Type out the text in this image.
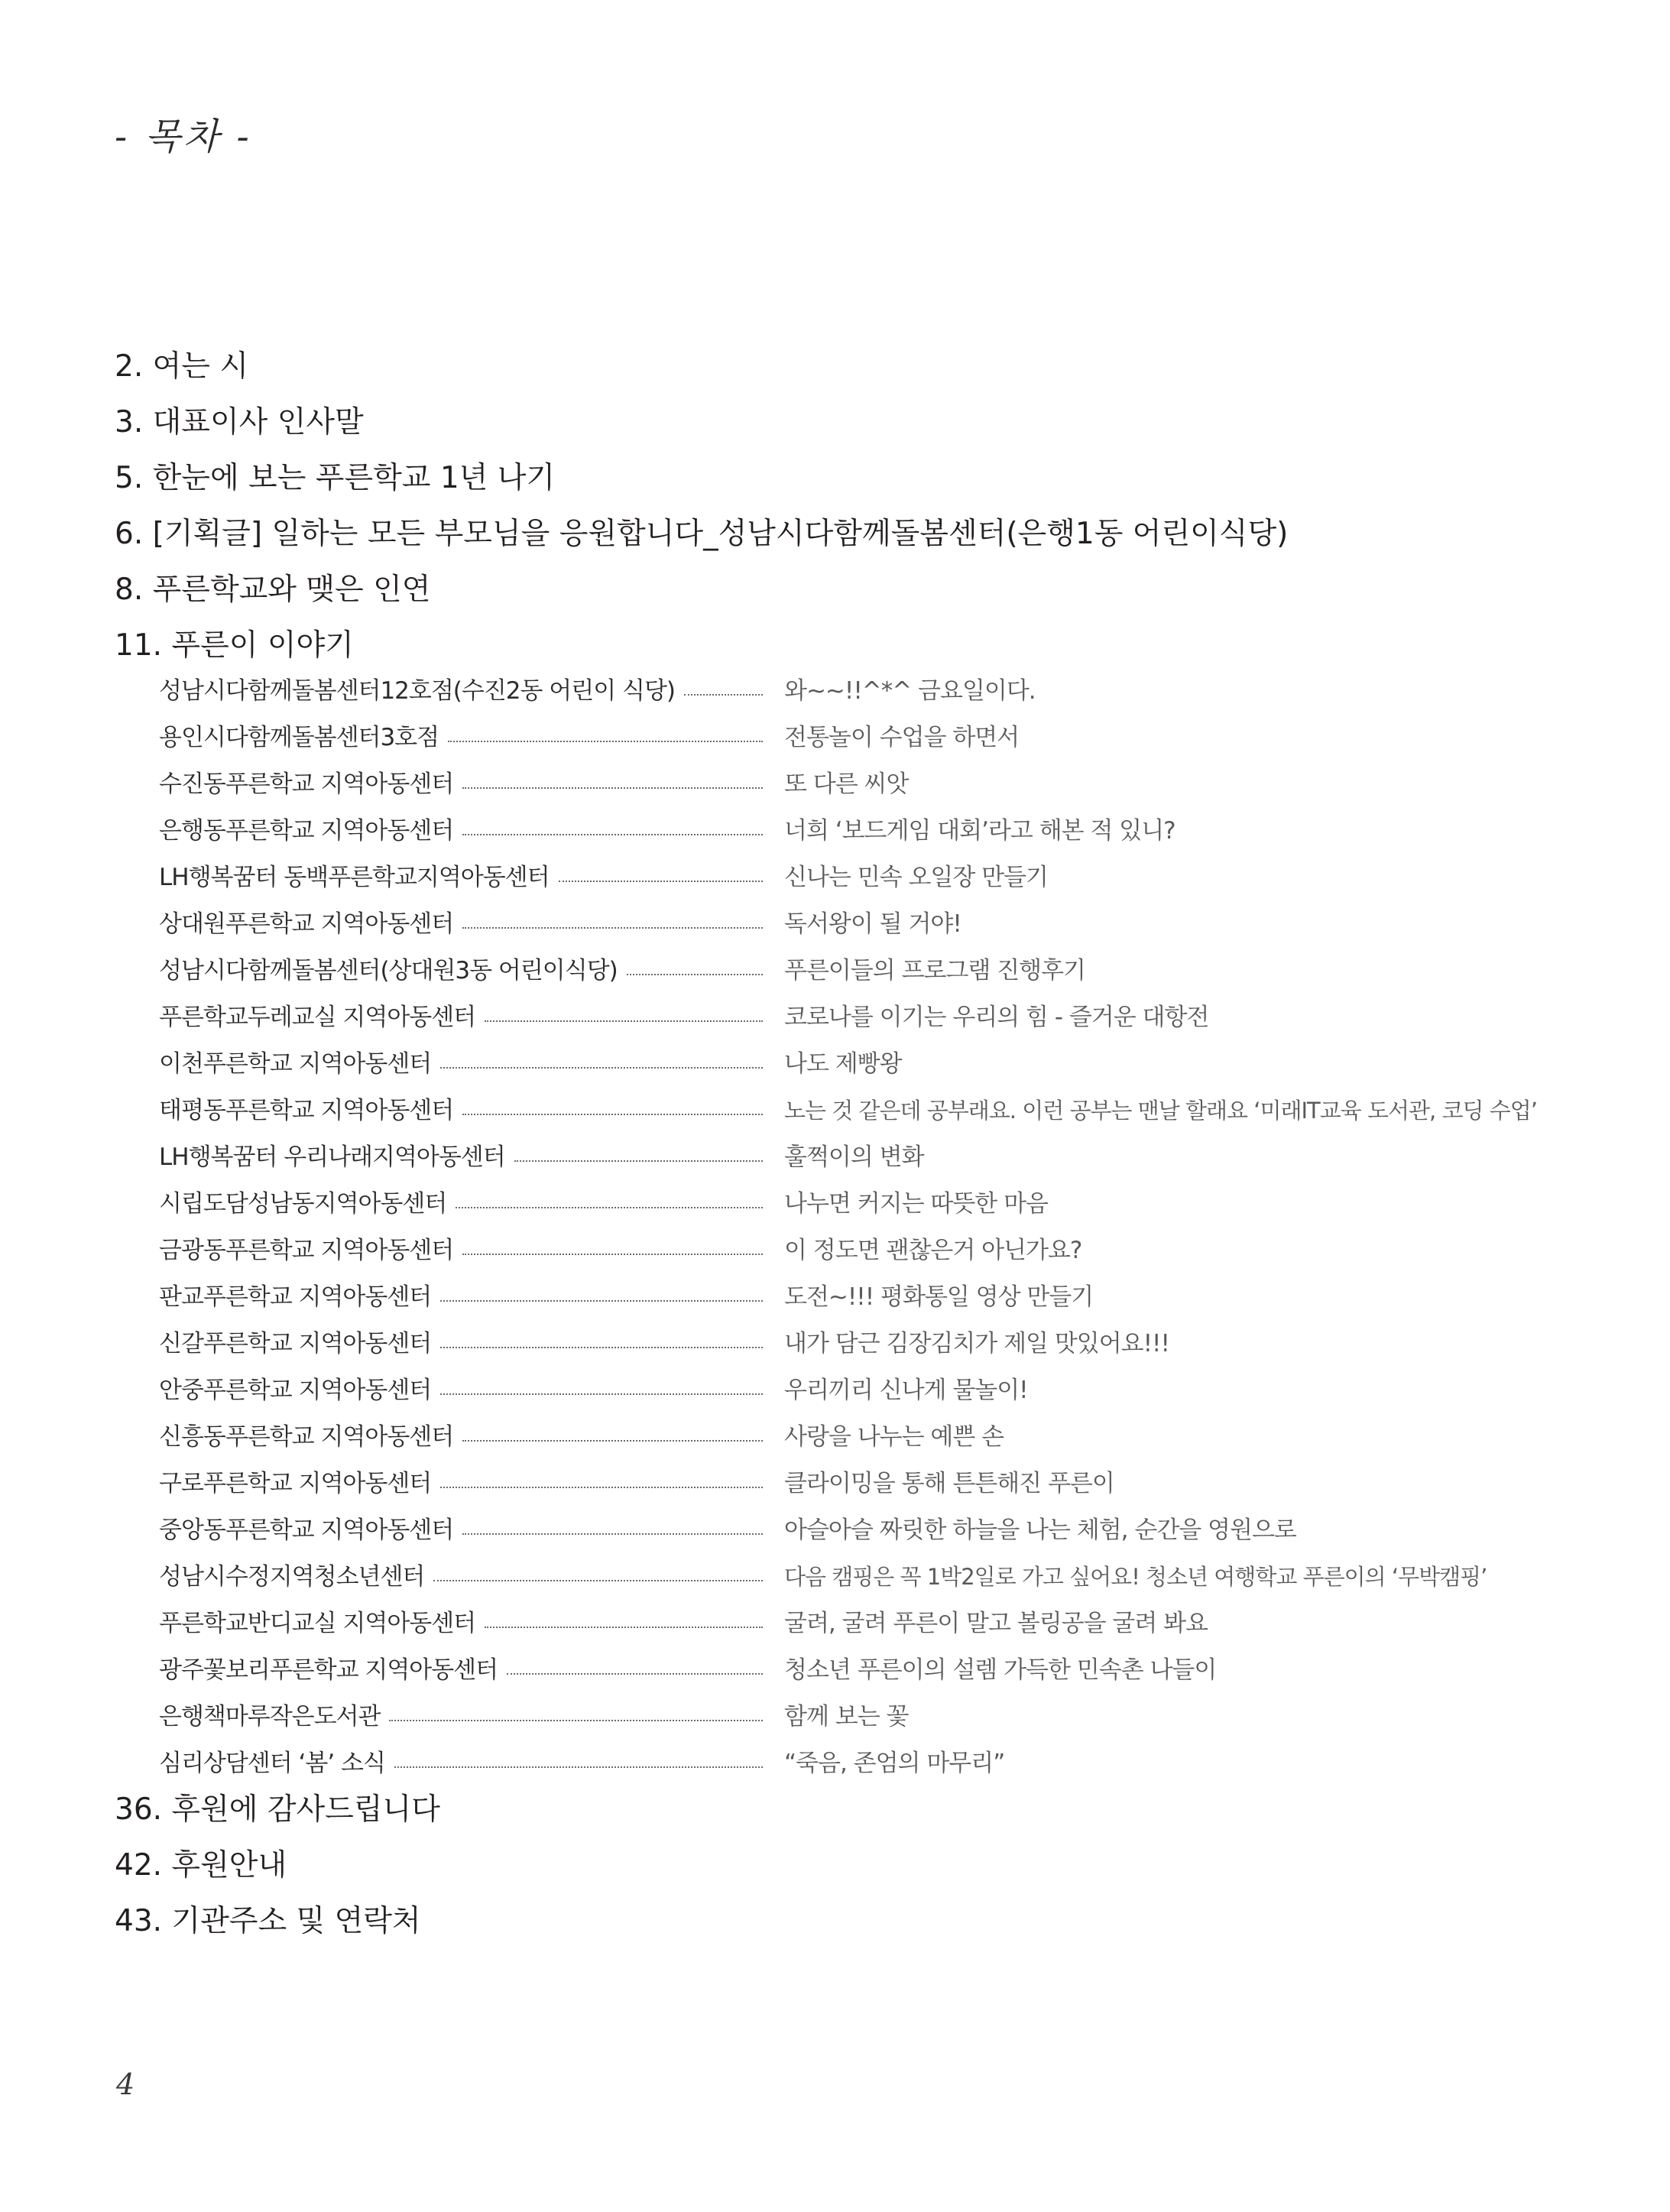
- 목차 -
2. 여는 시
3. 대표이사 인사말
5. 한눈에 보는 푸른학교 1년 나기
6. [기획글] 일하는 모든 부모님을 응원합니다_성남시다함께돌봄센터(은행1동 어린이식당)
8. 푸른학교와 맺은 인연
11. 푸른이 이야기
성남시다함께돌봄센터12호점(수진2동 어린이 식당)	와~~!!^*^ 금요일이다.
용인시다함께돌봄센터3호점	전통놀이 수업을 하면서
수진동푸른학교 지역아동센터	또 다른 씨앗
은행동푸른학교 지역아동센터	너희 ‘보드게임 대회’라고 해본 적 있니?
LH행복꿈터 동백푸른학교지역아동센터	신나는 민속 오일장 만들기
상대원푸른학교 지역아동센터	독서왕이 될 거야!
성남시다함께돌봄센터(상대원3동 어린이식당)	푸른이들의 프로그램 진행후기
푸른학교두레교실 지역아동센터	코로나를 이기는 우리의 힘 - 즐거운 대항전
이천푸른학교 지역아동센터	나도 제빵왕
태평동푸른학교 지역아동센터	노는 것 같은데 공부래요. 이런 공부는 맨날 할래요 ‘미래IT교육 도서관, 코딩 수업’
LH행복꿈터 우리나래지역아동센터	훌쩍이의 변화
시립도담성남동지역아동센터	나누면 커지는 따뜻한 마음
금광동푸른학교 지역아동센터	이 정도면 괜찮은거 아닌가요?
판교푸른학교 지역아동센터	도전~!!! 평화통일 영상 만들기
신갈푸른학교 지역아동센터	내가 담근 김장김치가 제일 맛있어요!!!
안중푸른학교 지역아동센터	우리끼리 신나게 물놀이!
신흥동푸른학교 지역아동센터	사랑을 나누는 예쁜 손
구로푸른학교 지역아동센터	클라이밍을 통해 튼튼해진 푸른이
중앙동푸른학교 지역아동센터	아슬아슬 짜릿한 하늘을 나는 체험, 순간을 영원으로
성남시수정지역청소년센터	다음 캠핑은 꼭 1박2일로 가고 싶어요! 청소년 여행학교 푸른이의 ‘무박캠핑’
푸른학교반디교실 지역아동센터	굴려, 굴려 푸른이 말고 볼링공을 굴려 봐요
광주꽃보리푸른학교 지역아동센터	청소년 푸른이의 설렘 가득한 민속촌 나들이
은행책마루작은도서관	함께 보는 꽃
심리상담센터 ‘봄’ 소식	“죽음, 존엄의 마무리”
36. 후원에 감사드립니다
42. 후원안내
43. 기관주소 및 연락처
4
